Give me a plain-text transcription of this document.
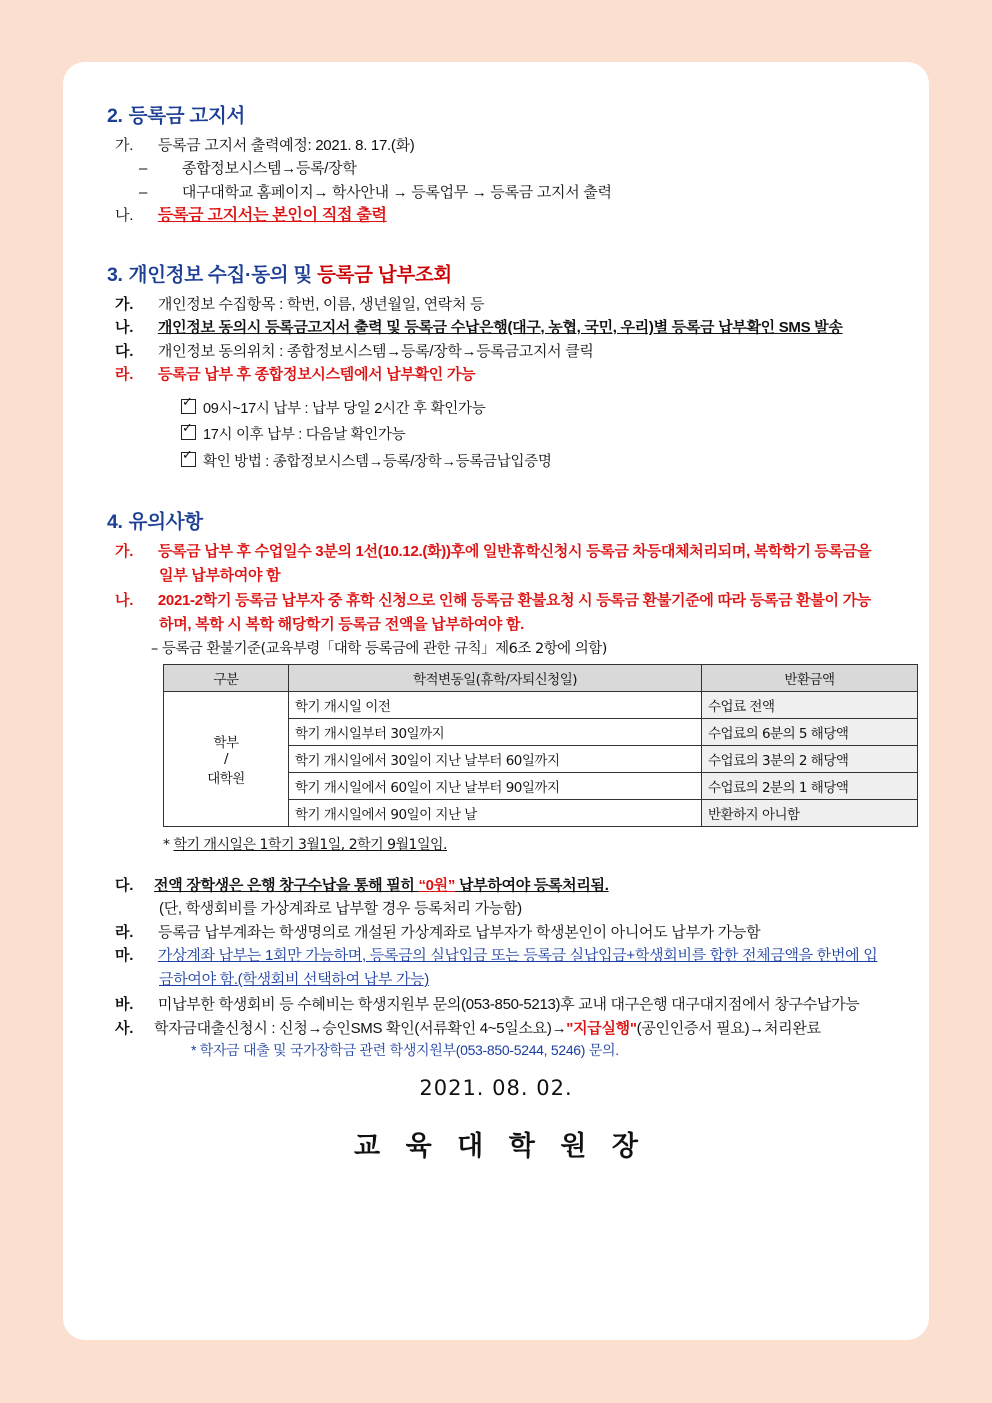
2. 등록금 고지서
가. 등록금 고지서 출력예정: 2021. 8. 17.(화)
– 종합정보시스템→등록/장학
– 대구대학교 홈페이지→ 학사안내 → 등록업무 → 등록금 고지서 출력
나. 등록금 고지서는 본인이 직접 출력
3. 개인정보 수집·동의 및 등록금 납부조회
가. 개인정보 수집항목 : 학번, 이름, 생년월일, 연락처 등
나. 개인정보 동의시 등록금고지서 출력 및 등록금 수납은행(대구, 농협, 국민, 우리)별 등록금 납부확인 SMS 발송
다. 개인정보 동의위치 : 종합정보시스템→등록/장학→등록금고지서 클릭
라. 등록금 납부 후 종합정보시스템에서 납부확인 가능
✓09시~17시 납부 : 납부 당일 2시간 후 확인가능
✓17시 이후 납부 : 다음날 확인가능
✓확인 방법 : 종합정보시스템→등록/장학→등록금납입증명
4. 유의사항
가. 등록금 납부 후 수업일수 3분의 1선(10.12.(화))후에 일반휴학신청시 등록금 차등대체처리되며, 복학학기 등록금을 일부 납부하여야 함
나. 2021-2학기 등록금 납부자 중 휴학 신청으로 인해 등록금 환불요청 시 등록금 환불기준에 따라 등록금 환불이 가능하며, 복학 시 복학 해당학기 등록금 전액을 납부하여야 함.
– 등록금 환불기준(교육부령「대학 등록금에 관한 규칙」제6조 2항에 의함)
구분	학적변동일(휴학/자퇴신청일)	반환금액

학부
/
대학원	학기 개시일 이전	수업료 전액
	학기 개시일부터 30일까지	수업료의 6분의 5 해당액
	학기 개시일에서 30일이 지난 날부터 60일까지	수업료의 3분의 2 해당액
	학기 개시일에서 60일이 지난 날부터 90일까지	수업료의 2분의 1 해당액
	학기 개시일에서 90일이 지난 날	반환하지 아니함
* 학기 개시일은 1학기 3월1일, 2학기 9월1일임.
다. 전액 장학생은 은행 창구수납을 통해 필히 “0원” 납부하여야 등록처리됨.
(단, 학생회비를 가상계좌로 납부할 경우 등록처리 가능함)
라. 등록금 납부계좌는 학생명의로 개설된 가상계좌로 납부자가 학생본인이 아니어도 납부가 가능함
마. 가상계좌 납부는 1회만 가능하며, 등록금의 실납입금 또는 등록금 실납입금+학생회비를 합한 전체금액을 한번에 입금하여야 함.(학생회비 선택하여 납부 가능)
바. 미납부한 학생회비 등 수혜비는 학생지원부 문의(053-850-5213)후 교내 대구은행 대구대지점에서 창구수납가능
사. 학자금대출신청시 : 신청→승인SMS 확인(서류확인 4~5일소요)→"지급실행"(공인인증서 필요)→처리완료
* 학자금 대출 및 국가장학금 관련 학생지원부(053-850-5244, 5246) 문의.
2021. 08. 02.
교 육 대 학 원 장
